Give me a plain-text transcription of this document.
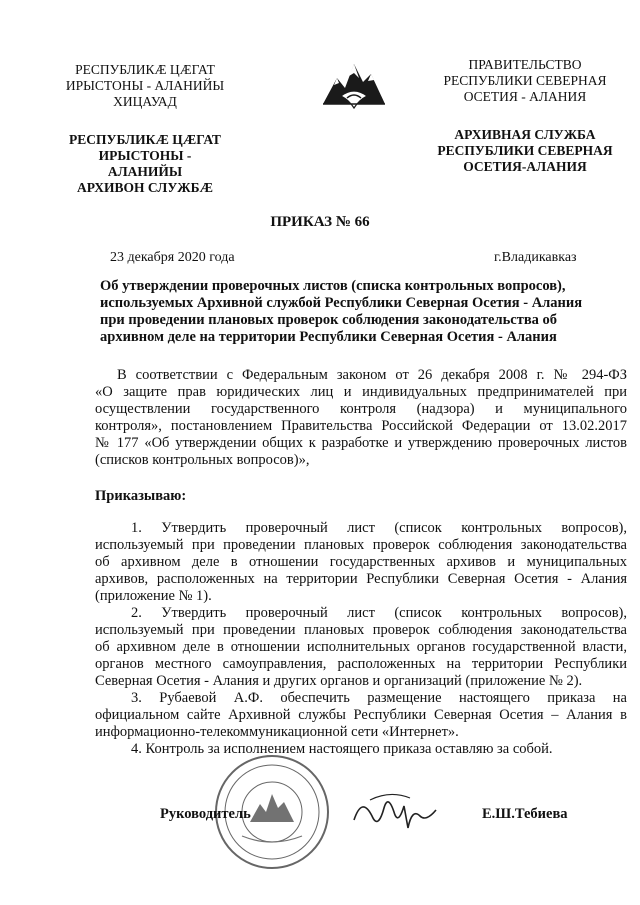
РЕСПУБЛИКӔ ЦӔГАТ
ИРЫСТОНЫ - АЛАНИЙЫ
ХИЦАУАД
РЕСПУБЛИКӔ ЦӔГАТ
ИРЫСТОНЫ - АЛАНИЙЫ
АРХИВОН СЛУЖБӔ
ПРАВИТЕЛЬСТВО
РЕСПУБЛИКИ СЕВЕРНАЯ
ОСЕТИЯ - АЛАНИЯ
АРХИВНАЯ СЛУЖБА
РЕСПУБЛИКИ СЕВЕРНАЯ
ОСЕТИЯ-АЛАНИЯ
ПРИКАЗ № 66
23 декабря 2020 года	г.Владикавказ
Об утверждении проверочных листов (списка контрольных вопросов),
используемых Архивной службой Республики Северная Осетия - Алания
при проведении плановых проверок соблюдения законодательства об
архивном деле на территории Республики Северная Осетия - Алания
В соответствии с Федеральным законом от 26 декабря 2008 г. № 294-ФЗ
«О защите прав юридических лиц и индивидуальных предпринимателей при
осуществлении государственного контроля (надзора) и муниципального
контроля», постановлением Правительства Российской Федерации от 13.02.2017
№ 177 «Об утверждении общих к разработке и утверждению проверочных листов
(списков контрольных вопросов)»,
Приказываю:
1. Утвердить проверочный лист (список контрольных вопросов),
используемый при проведении плановых проверок соблюдения законодательства
об архивном деле в отношении государственных архивов и муниципальных
архивов, расположенных на территории Республики Северная Осетия - Алания
(приложение № 1).
2. Утвердить проверочный лист (список контрольных вопросов),
используемый при проведении плановых проверок соблюдения законодательства
об архивном деле в отношении исполнительных органов государственной власти,
органов местного самоуправления, расположенных на территории Республики
Северная Осетия - Алания и других органов и организаций (приложение № 2).
3. Рубаевой А.Ф. обеспечить размещение настоящего приказа на
официальном сайте Архивной службы Республики Северная Осетия – Алания в
информационно-телекоммуникационной сети «Интернет».
4. Контроль за исполнением настоящего приказа оставляю за собой.
Руководитель	Е.Ш.Тебиева
